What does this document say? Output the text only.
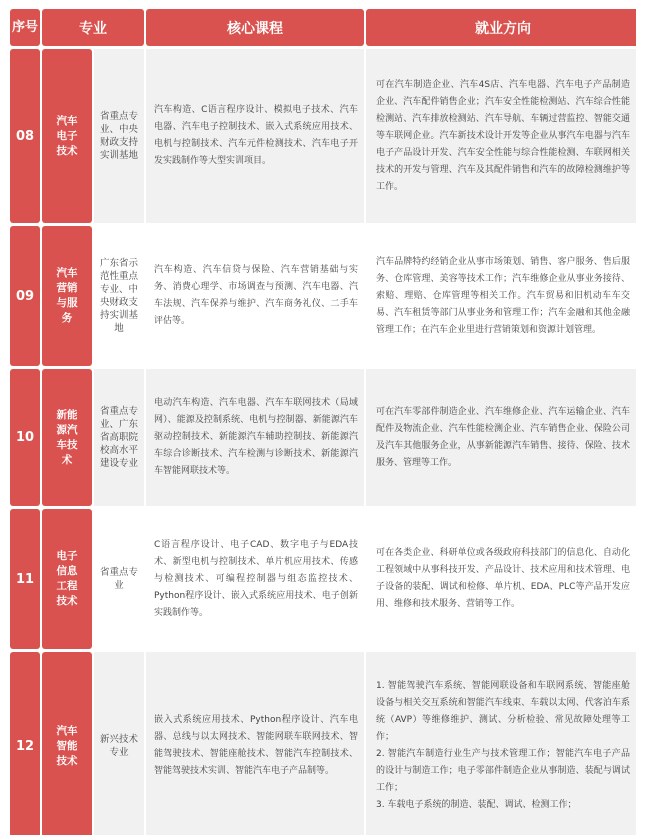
序号	专业		核心课程	就业方向
08	汽车电子技术	省重点专业、中央财政支持实训基地	汽车构造、C语言程序设计、模拟电子技术、汽车电器、汽车电子控制技术、嵌入式系统应用技术、电机与控制技术、汽车元件检测技术、汽车电子开发实践制作等大型实训项目。	可在汽车制造企业、汽车4S店、汽车电器、汽车电子产品制造企业、汽车配件销售企业；汽车安全性能检测站、汽车综合性能检测站、汽车排放检测站、汽车导航、车辆过营监控、智能交通等车联网企业。汽车新技术设计开发等企业从事汽车电器与汽车电子产品设计开发、汽车安全性能与综合性能检测、车联网相关技术的开发与管理、汽车及其配件销售和汽车的故障检测维护等工作。
09	汽车营销与服务	广东省示范性重点专业、中央财政支持实训基地	汽车构造、汽车信贷与保险、汽车营销基础与实务、消费心理学、市场调查与预测、汽车电器、汽车法规、汽车保养与维护、汽车商务礼仪、二手车评估等。	汽车品牌特约经销企业从事市场策划、销售、客户服务、售后服务、仓库管理、美容等技术工作；汽车维修企业从事业务接待、索赔、理赔、仓库管理等相关工作。汽车贸易和旧机动车车交易、汽车租赁等部门从事业务和管理工作；汽车金融和其他金融管理工作；在汽车企业里进行营销策划和资源计划管理。
10	新能源汽车技术	省重点专业、广东省高职院校高水平建设专业	电动汽车构造、汽车电器、汽车车联网技术（局域网）、能源及控制系统、电机与控制器、新能源汽车驱动控制技术、新能源汽车辅助控制技、新能源汽车综合诊断技术、汽车检测与诊断技术、新能源汽车智能网联技术等。	可在汽车零部件制造企业、汽车维修企业、汽车运输企业、汽车配件及物流企业、汽车性能检测企业、汽车销售企业、保险公司及汽车其他服务企业，从事新能源汽车销售、接待、保险、技术服务、管理等工作。
11	电子信息工程技术	省重点专业	C语言程序设计、电子CAD、数字电子与EDA技术、新型电机与控制技术、单片机应用技术、传感与检测技术、可编程控制器与组态监控技术、Python程序设计、嵌入式系统应用技术、电子创新实践制作等。	可在各类企业、科研单位或各级政府科技部门的信息化、自动化工程领域中从事科技开发、产品设计、技术应用和技术管理、电子设备的装配、调试和检修、单片机、EDA、PLC等产品开发应用、维修和技术服务、营销等工作。
12	汽车智能技术	新兴技术专业	嵌入式系统应用技术、Python程序设计、汽车电器、总线与以太网技术、智能网联车联网技术、智能驾驶技术、智能座舱技术、智能汽车控制技术、智能驾驶技术实训、智能汽车电子产品制等。	1. 智能驾驶汽车系统、智能网联设备和车联网系统、智能座舱设备与相关交互系统和智能汽车线束、车载以太网、代客泊车系统（AVP）等维修维护、测试、分析检验、常见故障处理等工作；
2. 智能汽车制造行业生产与技术管理工作；智能汽车电子产品的设计与制造工作；电子零部件制造企业从事制造、装配与调试工作；
3. 车载电子系统的制造、装配、调试、检测工作；
